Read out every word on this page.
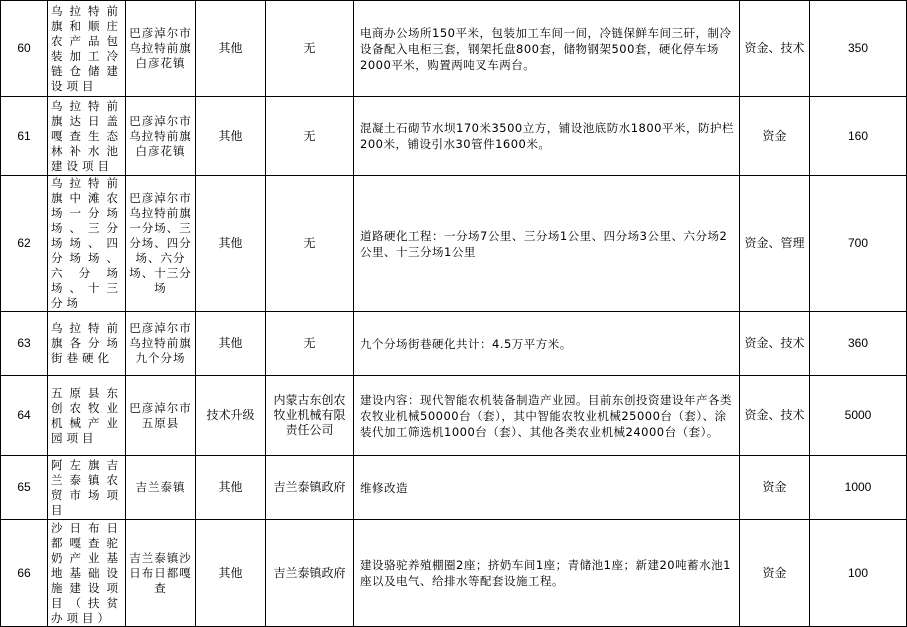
60	乌拉特前旗和顺庄农产品包装加工冷链仓储建设项目	巴彦淖尔市乌拉特前旗白彦花镇	其他	无	电商办公场所150平米，包装加工车间一间，冷链保鲜车间三矸，制冷设备配入电柜三套，钢架托盘800套，储物钢架500套，硬化停车场2000平米，购置两吨叉车两台。	资金、技术	350
61	乌拉特前旗达日盖嘎查生态林补水池建设项目	巴彦淖尔市乌拉特前旗白彦花镇	其他	无	混凝土石砌节水坝170米3500立方，铺设池底防水1800平米，防护栏200米，铺设引水30管件1600米。	资金	160
62	乌拉特前旗中滩农场一分场场、三分场场、四分场场、六分场场、十三分场	巴彦淖尔市乌拉特前旗一分场、三分场、四分场、六分场、十三分场	其他	无	道路硬化工程：一分场7公里、三分场1公里、四分场3公里、六分场2公里、十三分场1公里	资金、管理	700
63	乌拉特前旗各分场街巷硬化	巴彦淖尔市乌拉特前旗九个分场	其他	无	九个分场街巷硬化共计：4.5万平方米。	资金、技术	360
64	五原县东创农牧业机械产业园项目	巴彦淖尔市五原县	技术升级	内蒙古东创农牧业机械有限责任公司	建设内容：现代智能农机装备制造产业园。目前东创投资建设年产各类农牧业机械50000台（套），其中智能农牧业机械25000台（套）、涂装代加工筛选机1000台（套）、其他各类农业机械24000台（套）。	资金、技术	5000
65	阿左旗吉兰泰镇农贸市场项目	吉兰泰镇	其他	吉兰泰镇政府	维修改造	资金	1000
66	沙日布日都嘎查驼奶产业基地基础设施建设项目（扶贫办项目）	吉兰泰镇沙日布日都嘎查	其他	吉兰泰镇政府	建设骆驼养殖棚圈2座；挤奶车间1座；青储池1座；新建20吨蓄水池1座以及电气、给排水等配套设施工程。	资金	100
